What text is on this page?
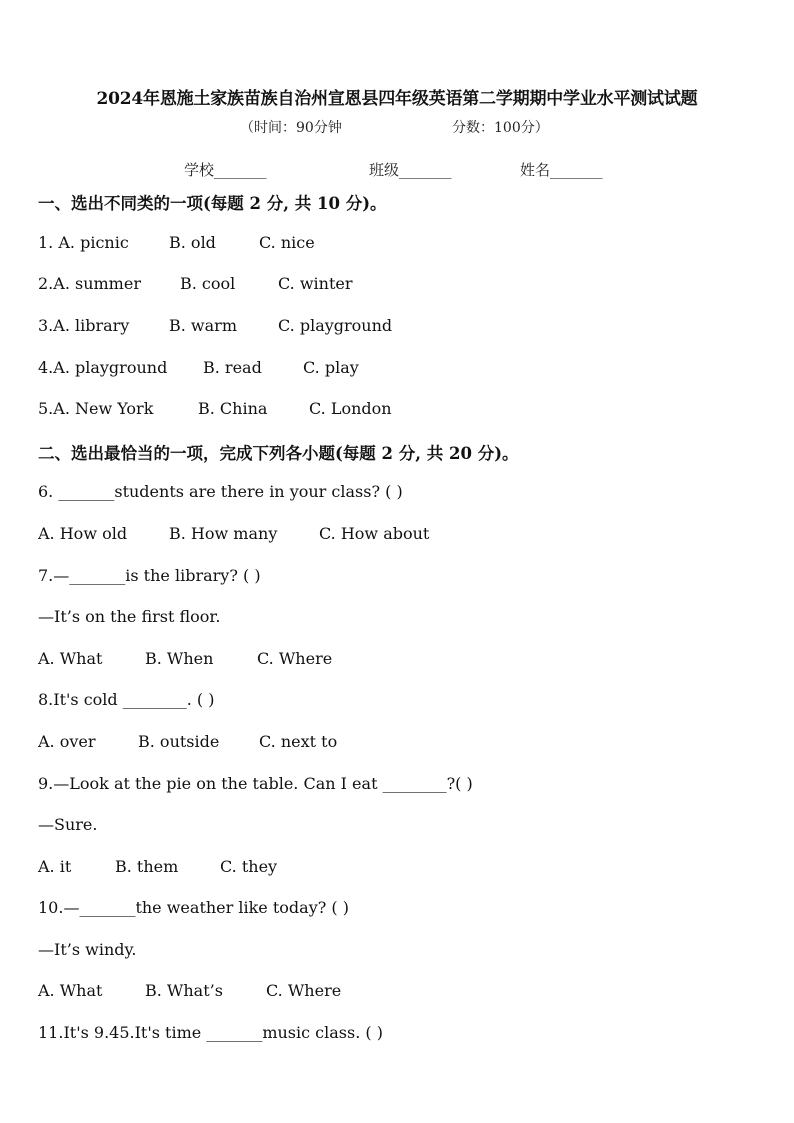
2024年恩施土家族苗族自治州宣恩县四年级英语第二学期期中学业水平测试试题
（时间：90分钟	分数：100分）
学校_______	班级_______	姓名_______
一、选出不同类的一项(每题 2 分, 共 10 分)。
1. A. picnic	B. old	C. nice
2.A. summer B. cool	C. winter
3.A. library B. warm	C. playground
4.A. playground B. read	C. play
5.A. New York	B. China	C. London
二、选出最恰当的一项，完成下列各小题(每题 2 分, 共 20 分)。
6. _______students are there in your class? ( )
A. How old	B. How many	C. How about
7.—_______is the library? ( )
—It’s on the first floor.
A. What	B. When	C. Where
8.It's cold ________. ( )
A. over	B. outside C. next to
9.—Look at the pie on the table. Can I eat ________?( )
—Sure.
A. it	B. them	C. they
10.—_______the weather like today? ( )
—It’s windy.
A. What	B. What’s	C. Where
11.It's 9.45.It's time _______music class. ( )
